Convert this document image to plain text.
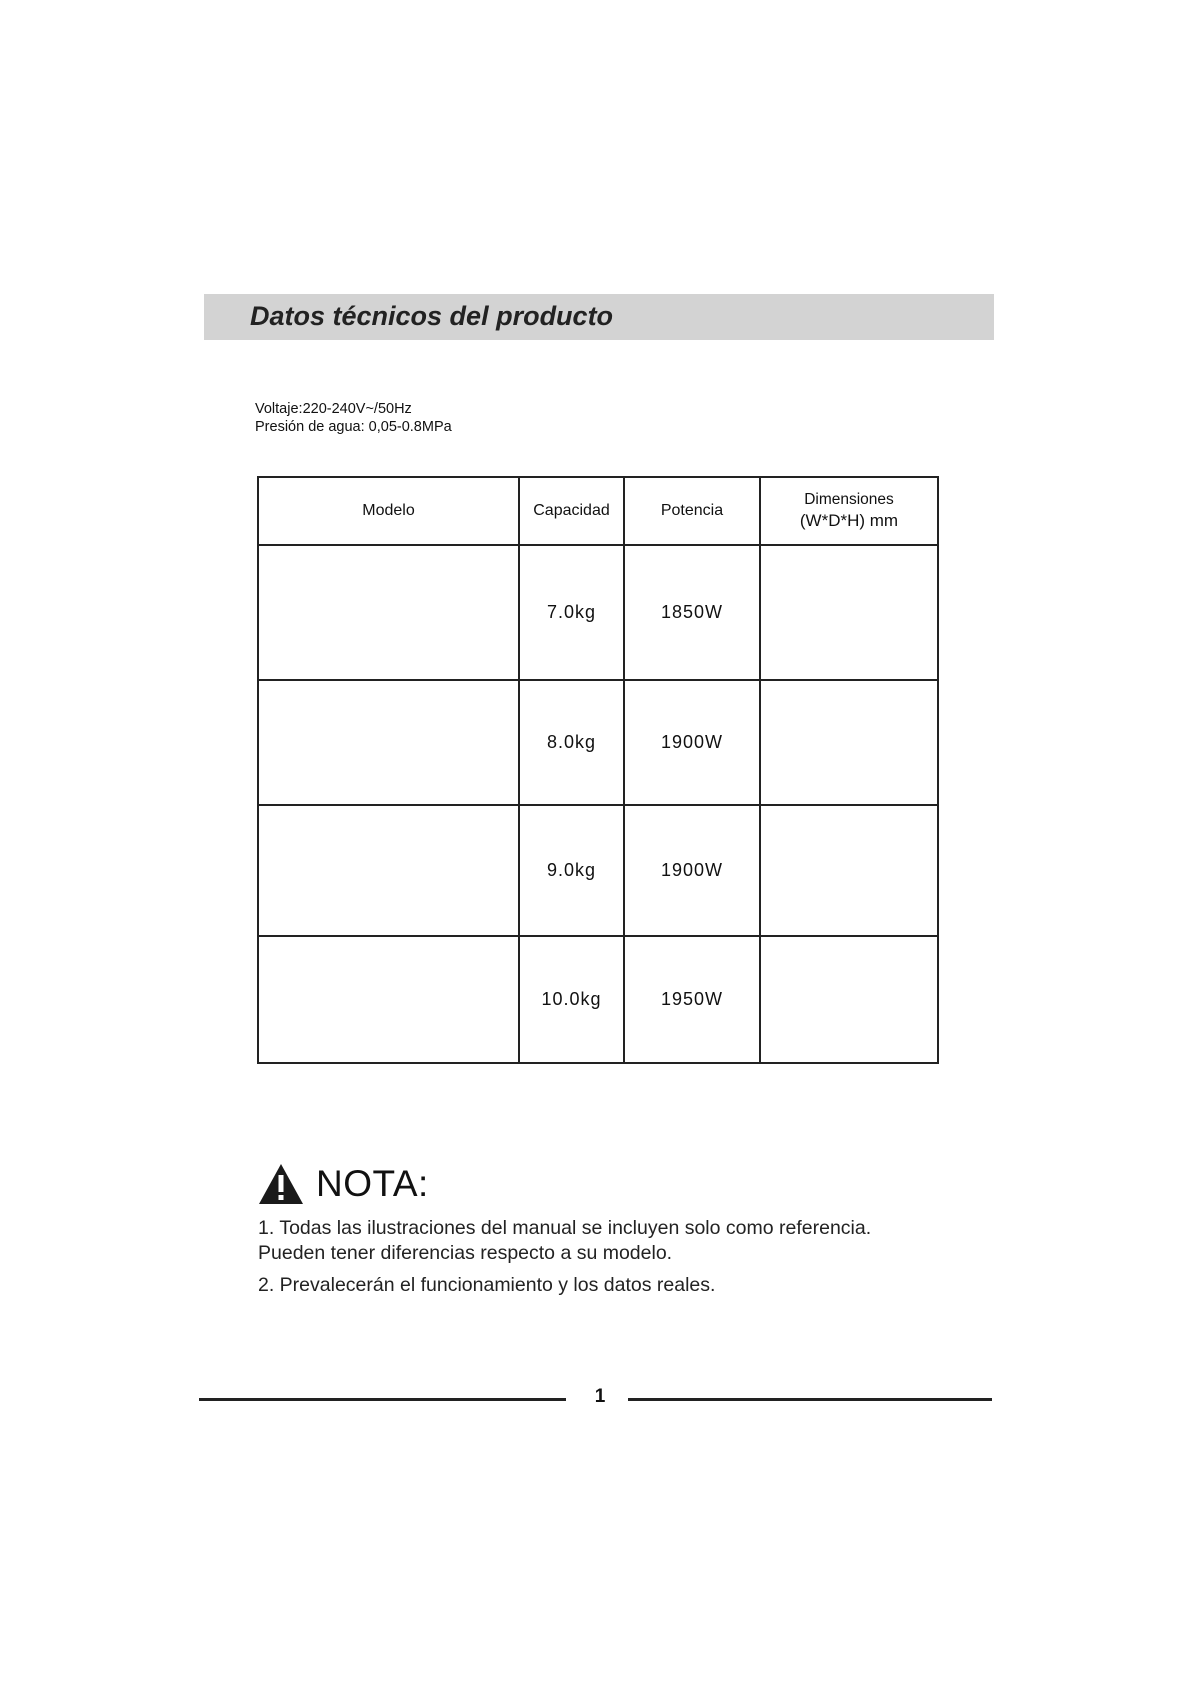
Datos técnicos del producto
Voltaje:220-240V~/50Hz
Presión de agua: 0,05-0.8MPa
Modelo	Capacidad	Potencia	Dimensiones
(W*D*H) mm

	7.0kg	1850W	
	8.0kg	1900W	
	9.0kg	1900W	
	10.0kg	1950W	
NOTA:

1. Todas las ilustraciones del manual se incluyen solo como referencia.
Pueden tener diferencias respecto a su modelo.

2. Prevalecerán el funcionamiento y los datos reales.

1
